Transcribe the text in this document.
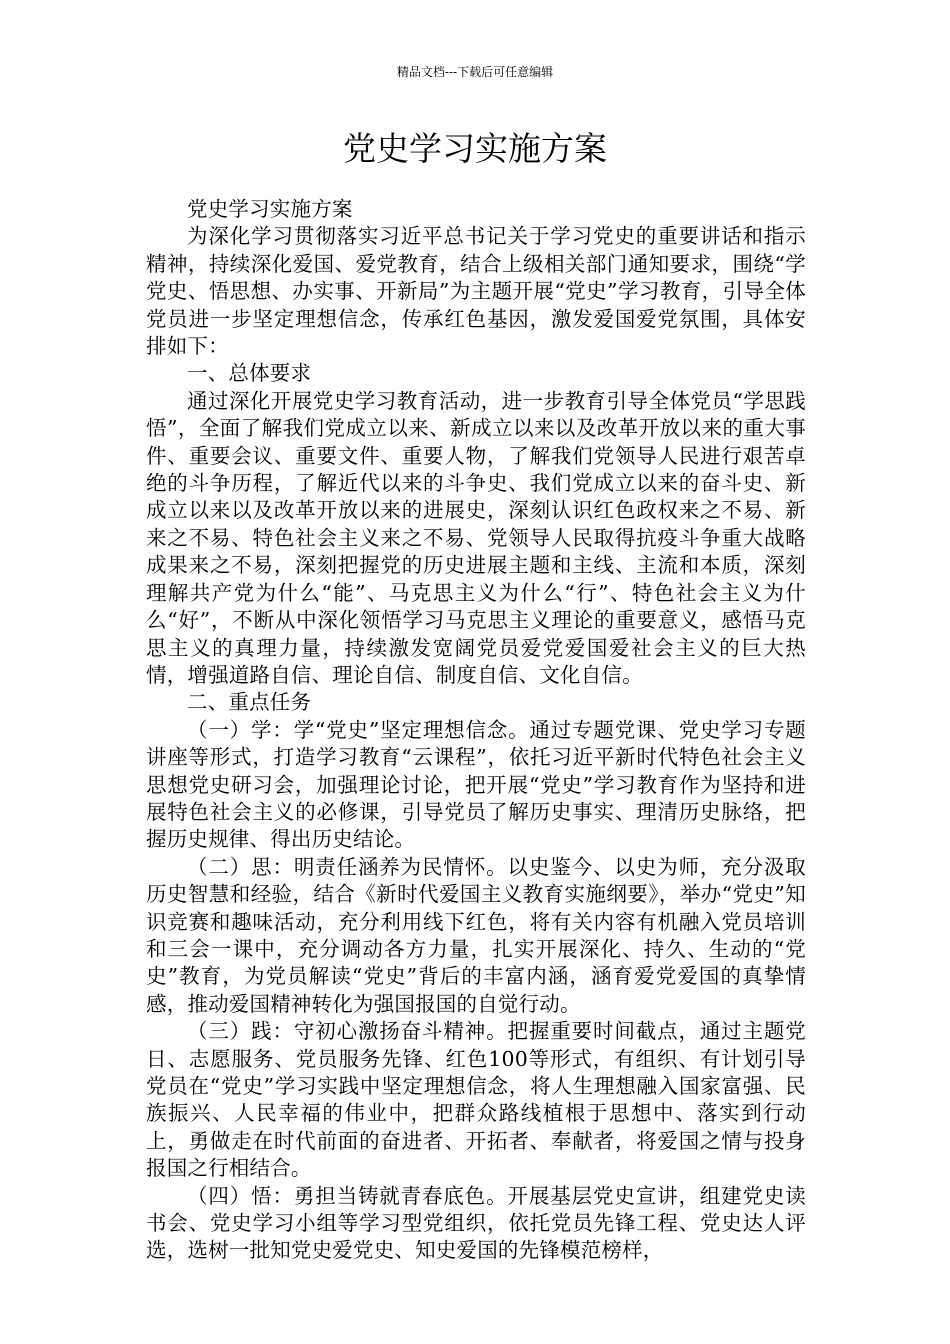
精品文档---下载后可任意编辑
党史学习实施方案

党史学习实施方案

为深化学习贯彻落实习近平总书记关于学习党史的重要讲话和指示精神，持续深化爱国、爱党教育，结合上级相关部门通知要求，围绕“学党史、悟思想、办实事、开新局”为主题开展“党史”学习教育，引导全体党员进一步坚定理想信念，传承红色基因，激发爱国爱党氛围，具体安排如下：

一、总体要求

通过深化开展党史学习教育活动，进一步教育引导全体党员“学思践悟”，全面了解我们党成立以来、新成立以来以及改革开放以来的重大事件、重要会议、重要文件、重要人物，了解我们党领导人民进行艰苦卓绝的斗争历程，了解近代以来的斗争史、我们党成立以来的奋斗史、新成立以来以及改革开放以来的进展史，深刻认识红色政权来之不易、新来之不易、特色社会主义来之不易、党领导人民取得抗疫斗争重大战略成果来之不易，深刻把握党的历史进展主题和主线、主流和本质，深刻理解共产党为什么“能”、马克思主义为什么“行”、特色社会主义为什么“好”，不断从中深化领悟学习马克思主义理论的重要意义，感悟马克思主义的真理力量，持续激发宽阔党员爱党爱国爱社会主义的巨大热情，增强道路自信、理论自信、制度自信、文化自信。

二、重点任务

（一）学：学“党史”坚定理想信念。通过专题党课、党史学习专题讲座等形式，打造学习教育“云课程”，依托习近平新时代特色社会主义思想党史研习会，加强理论讨论，把开展“党史”学习教育作为坚持和进展特色社会主义的必修课，引导党员了解历史事实、理清历史脉络，把握历史规律、得出历史结论。

（二）思：明责任涵养为民情怀。以史鉴今、以史为师，充分汲取历史智慧和经验，结合《新时代爱国主义教育实施纲要》，举办“党史”知识竞赛和趣味活动，充分利用线下红色，将有关内容有机融入党员培训和三会一课中，充分调动各方力量，扎实开展深化、持久、生动的“党史”教育，为党员解读“党史”背后的丰富内涵，涵育爱党爱国的真挚情感，推动爱国精神转化为强国报国的自觉行动。

（三）践：守初心激扬奋斗精神。把握重要时间截点，通过主题党日、志愿服务、党员服务先锋、红色100等形式，有组织、有计划引导党员在“党史”学习实践中坚定理想信念，将人生理想融入国家富强、民族振兴、人民幸福的伟业中，把群众路线植根于思想中、落实到行动上，勇做走在时代前面的奋进者、开拓者、奉献者，将爱国之情与投身报国之行相结合。

（四）悟：勇担当铸就青春底色。开展基层党史宣讲，组建党史读书会、党史学习小组等学习型党组织，依托党员先锋工程、党史达人评选，选树一批知党史爱党史、知史爱国的先锋模范榜样，
